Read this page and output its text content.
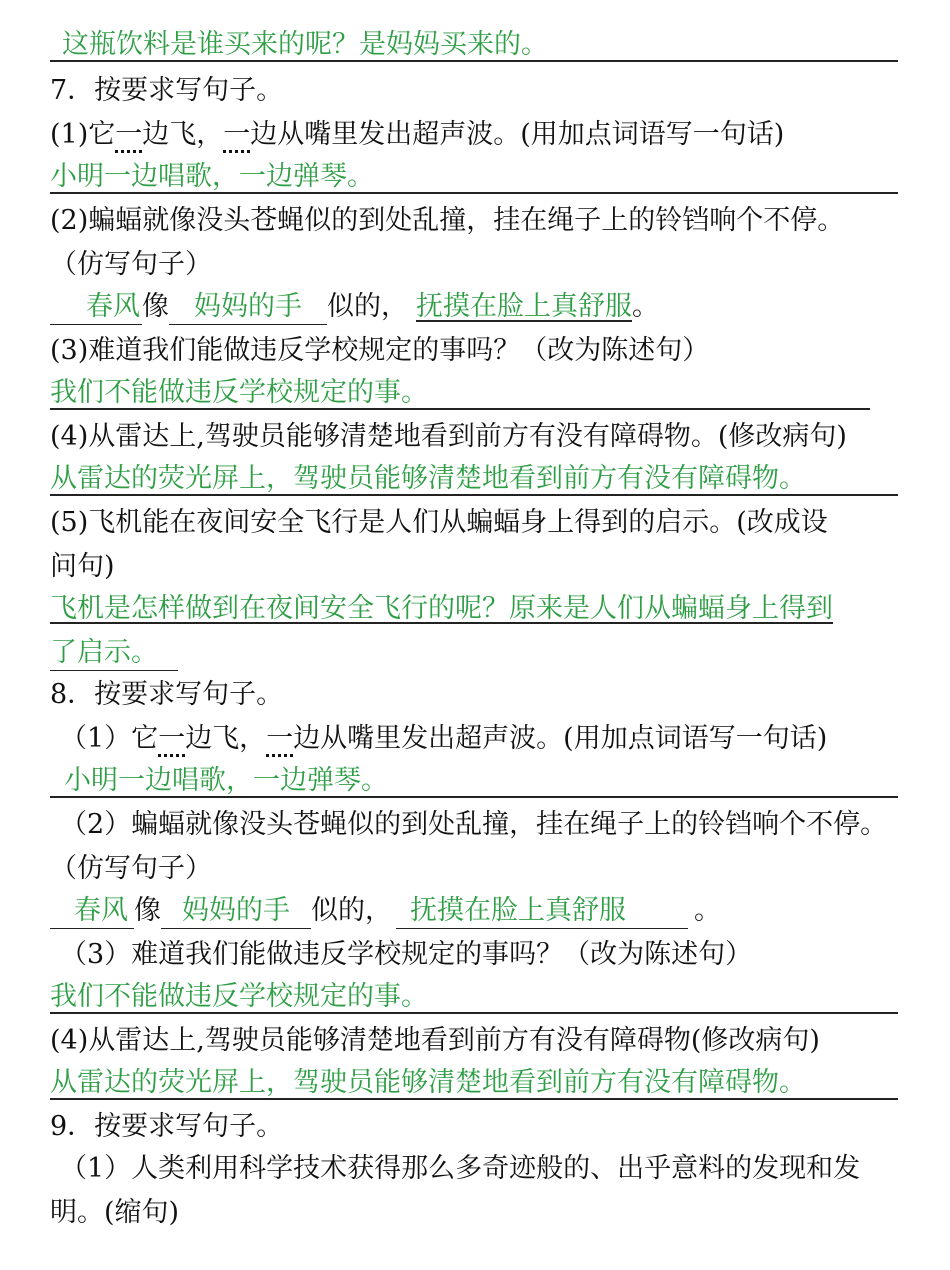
这瓶饮料是谁买来的呢？是妈妈买来的。
7．按要求写句子。
(1)它一边飞，一边从嘴里发出超声波。(用加点词语写一句话)
小明一边唱歌，一边弹琴。
(2)蝙蝠就像没头苍蝇似的到处乱撞，挂在绳子上的铃铛响个不停。
（仿写句子）
春风像 妈妈的手 似的， 抚摸在脸上真舒服。
(3)难道我们能做违反学校规定的事吗？（改为陈述句）
我们不能做违反学校规定的事。
(4)从雷达上,驾驶员能够清楚地看到前方有没有障碍物。(修改病句)
从雷达的荧光屏上，驾驶员能够清楚地看到前方有没有障碍物。
(5)飞机能在夜间安全飞行是人们从蝙蝠身上得到的启示。(改成设
问句)
飞机是怎样做到在夜间安全飞行的呢？原来是人们从蝙蝠身上得到
了启示。
8．按要求写句子。
（1）它一边飞，一边从嘴里发出超声波。(用加点词语写一句话)
小明一边唱歌，一边弹琴。
（2）蝙蝠就像没头苍蝇似的到处乱撞，挂在绳子上的铃铛响个不停。
（仿写句子）
春风 像 妈妈的手 似的， 抚摸在脸上真舒服	。
（3）难道我们能做违反学校规定的事吗？（改为陈述句）
我们不能做违反学校规定的事。
(4)从雷达上,驾驶员能够清楚地看到前方有没有障碍物(修改病句)
从雷达的荧光屏上，驾驶员能够清楚地看到前方有没有障碍物。
9．按要求写句子。
（1）人类利用科学技术获得那么多奇迹般的、出乎意料的发现和发
明。(缩句)
